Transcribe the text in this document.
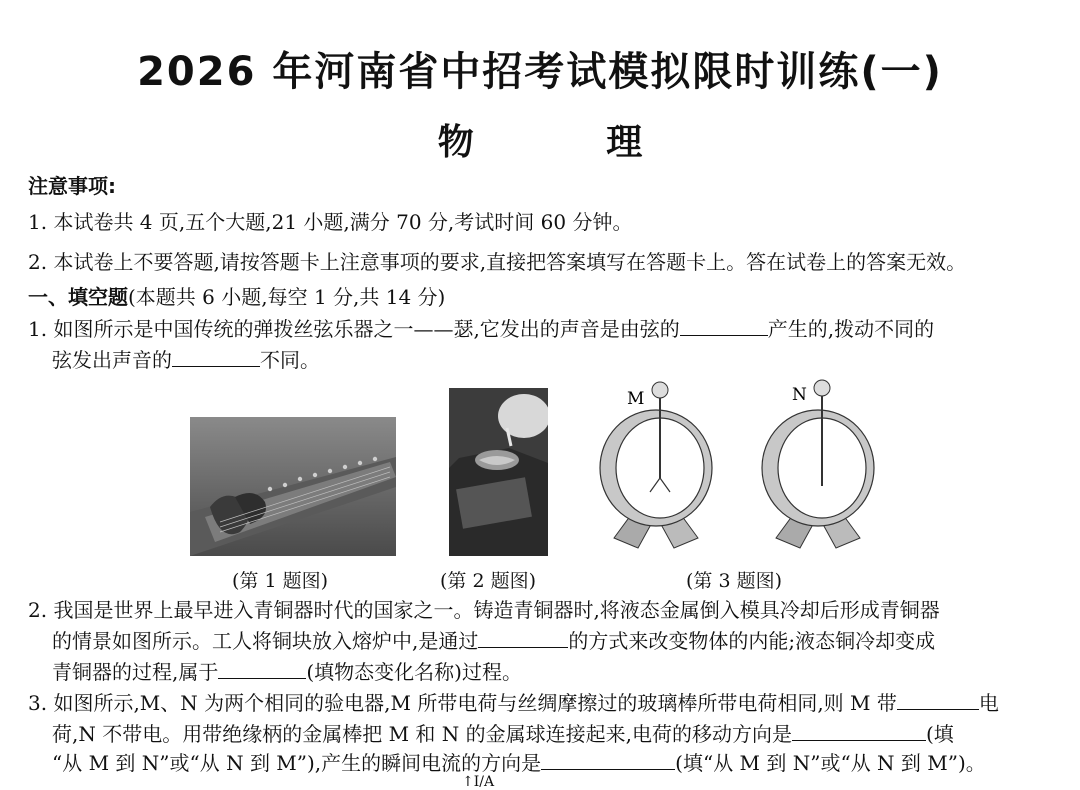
2026 年河南省中招考试模拟限时训练(一)
物 理
注意事项:
1. 本试卷共 4 页,五个大题,21 小题,满分 70 分,考试时间 60 分钟。
2. 本试卷上不要答题,请按答题卡上注意事项的要求,直接把答案填写在答题卡上。答在试卷上的答案无效。
一、填空题(本题共 6 小题,每空 1 分,共 14 分)
1. 如图所示是中国传统的弹拨丝弦乐器之一——瑟,它发出的声音是由弦的	产生的,拨动不同的
弦发出声音的	不同。
M	N
(第 1 题图)	(第 2 题图)	(第 3 题图)
2. 我国是世界上最早进入青铜器时代的国家之一。铸造青铜器时,将液态金属倒入模具冷却后形成青铜器
的情景如图所示。工人将铜块放入熔炉中,是通过	的方式来改变物体的内能;液态铜冷却变成
青铜器的过程,属于	(填物态变化名称)过程。
3. 如图所示,M、N 为两个相同的验电器,M 所带电荷与丝绸摩擦过的玻璃棒所带电荷相同,则 M 带	电
荷,N 不带电。用带绝缘柄的金属棒把 M 和 N 的金属球连接起来,电荷的移动方向是	(填
“从 M 到 N”或“从 N 到 M”),产生的瞬间电流的方向是	(填“从 M 到 N”或“从 N 到 M”)。
↑I/A
